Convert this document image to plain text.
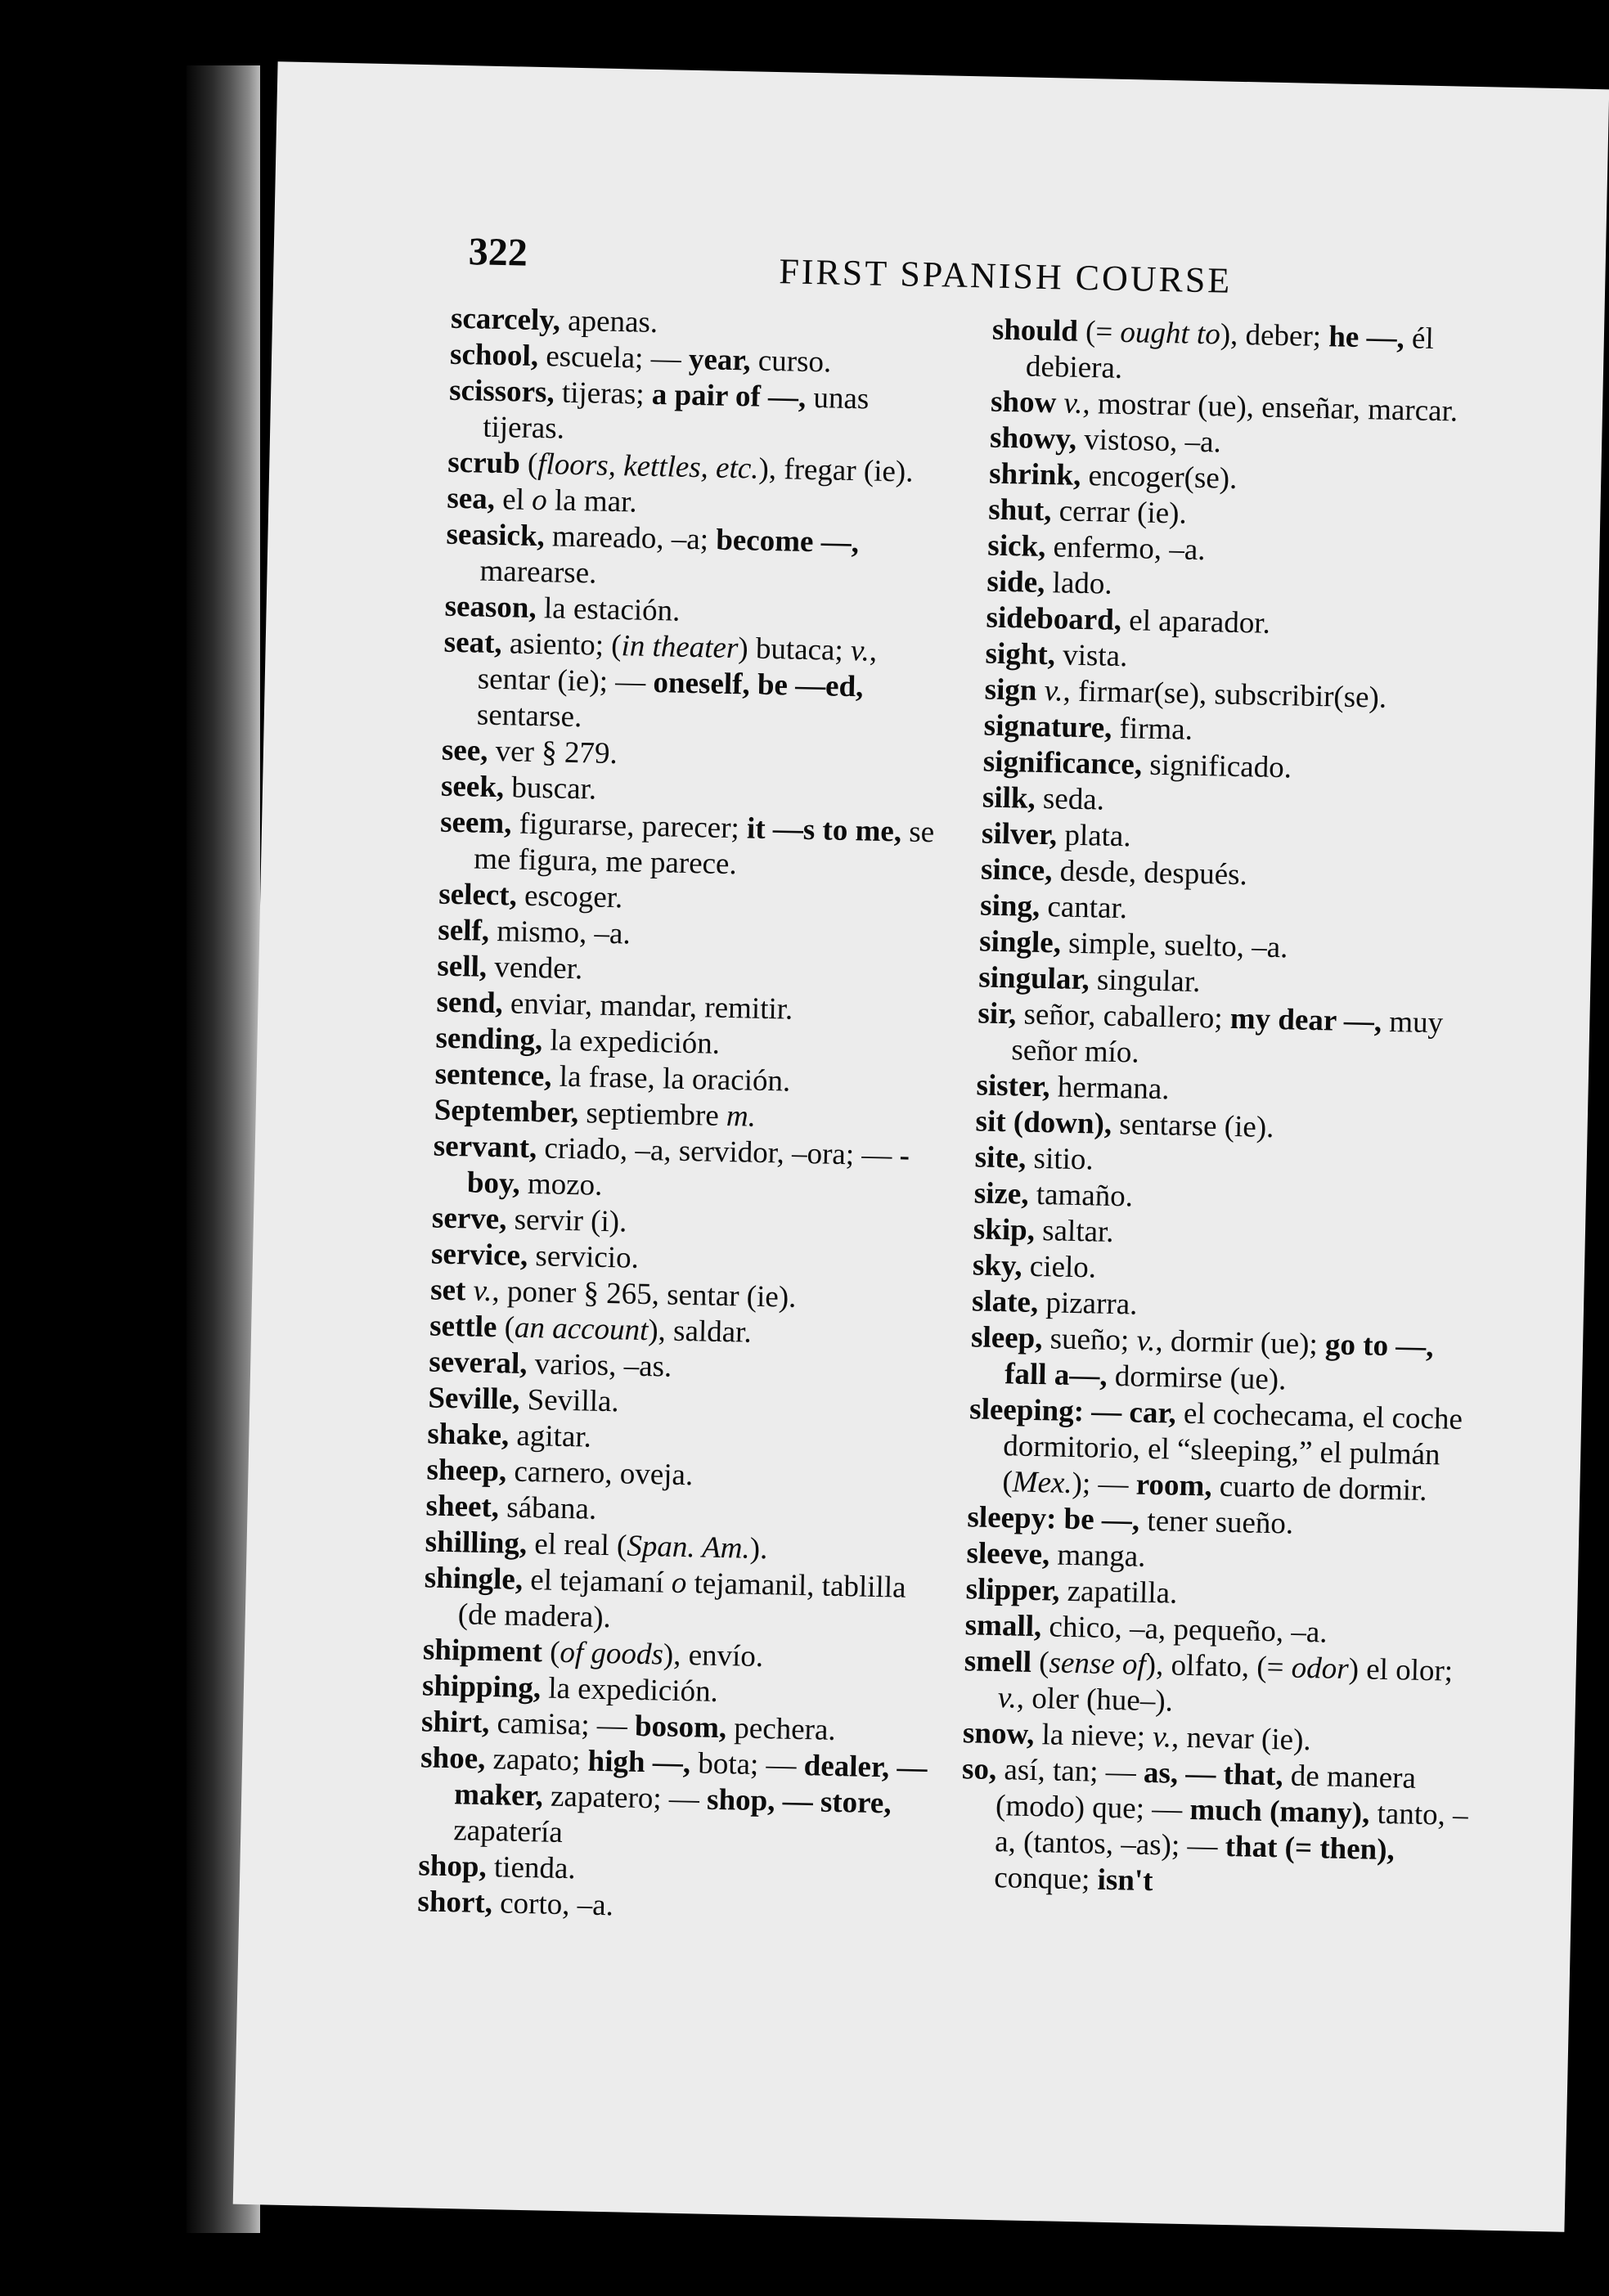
322	FIRST SPANISH COURSE

scarcely, apenas.

school, escuela; — year, curso.

scissors, tijeras; a pair of —, unas tijeras.

scrub (floors, kettles, etc.), fregar (ie).

sea, el o la mar.

seasick, mareado, –a; become —, marearse.

season, la estación.

seat, asiento; (in theater) butaca; v., sentar (ie); — oneself, be —ed, sentarse.

see, ver § 279.

seek, buscar.

seem, figurarse, parecer; it —s to me, se me figura, me parece.

select, escoger.

self, mismo, –a.

sell, vender.

send, enviar, mandar, remitir.

sending, la expedición.

sentence, la frase, la oración.

September, septiembre m.

servant, criado, –a, servidor, –ora; — -boy, mozo.

serve, servir (i).

service, servicio.

set v., poner § 265, sentar (ie).

settle (an account), saldar.

several, varios, –as.

Seville, Sevilla.

shake, agitar.

sheep, carnero, oveja.

sheet, sábana.

shilling, el real (Span. Am.).

shingle, el tejamaní o tejamanil, tablilla (de madera).

shipment (of goods), envío.

shipping, la expedición.

shirt, camisa; — bosom, pechera.

shoe, zapato; high —, bota; — dealer, —maker, zapatero; — shop, — store, zapatería

shop, tienda.

short, corto, –a.

should (= ought to), deber; he —, él debiera.

show v., mostrar (ue), enseñar, marcar.

showy, vistoso, –a.

shrink, encoger(se).

shut, cerrar (ie).

sick, enfermo, –a.

side, lado.

sideboard, el aparador.

sight, vista.

sign v., firmar(se), subscribir(se).

signature, firma.

significance, significado.

silk, seda.

silver, plata.

since, desde, después.

sing, cantar.

single, simple, suelto, –a.

singular, singular.

sir, señor, caballero; my dear —, muy señor mío.

sister, hermana.

sit (down), sentarse (ie).

site, sitio.

size, tamaño.

skip, saltar.

sky, cielo.

slate, pizarra.

sleep, sueño; v., dormir (ue); go to —, fall a—, dormirse (ue).

sleeping: — car, el cochecama, el coche dormitorio, el “sleeping,” el pulmán (Mex.); — room, cuarto de dormir.

sleepy: be —, tener sueño.

sleeve, manga.

slipper, zapatilla.

small, chico, –a, pequeño, –a.

smell (sense of), olfato, (= odor) el olor; v., oler (hue–).

snow, la nieve; v., nevar (ie).

so, así, tan; — as, — that, de manera (modo) que; — much (many), tanto, –a, (tantos, –as); — that (= then), conque; isn't
